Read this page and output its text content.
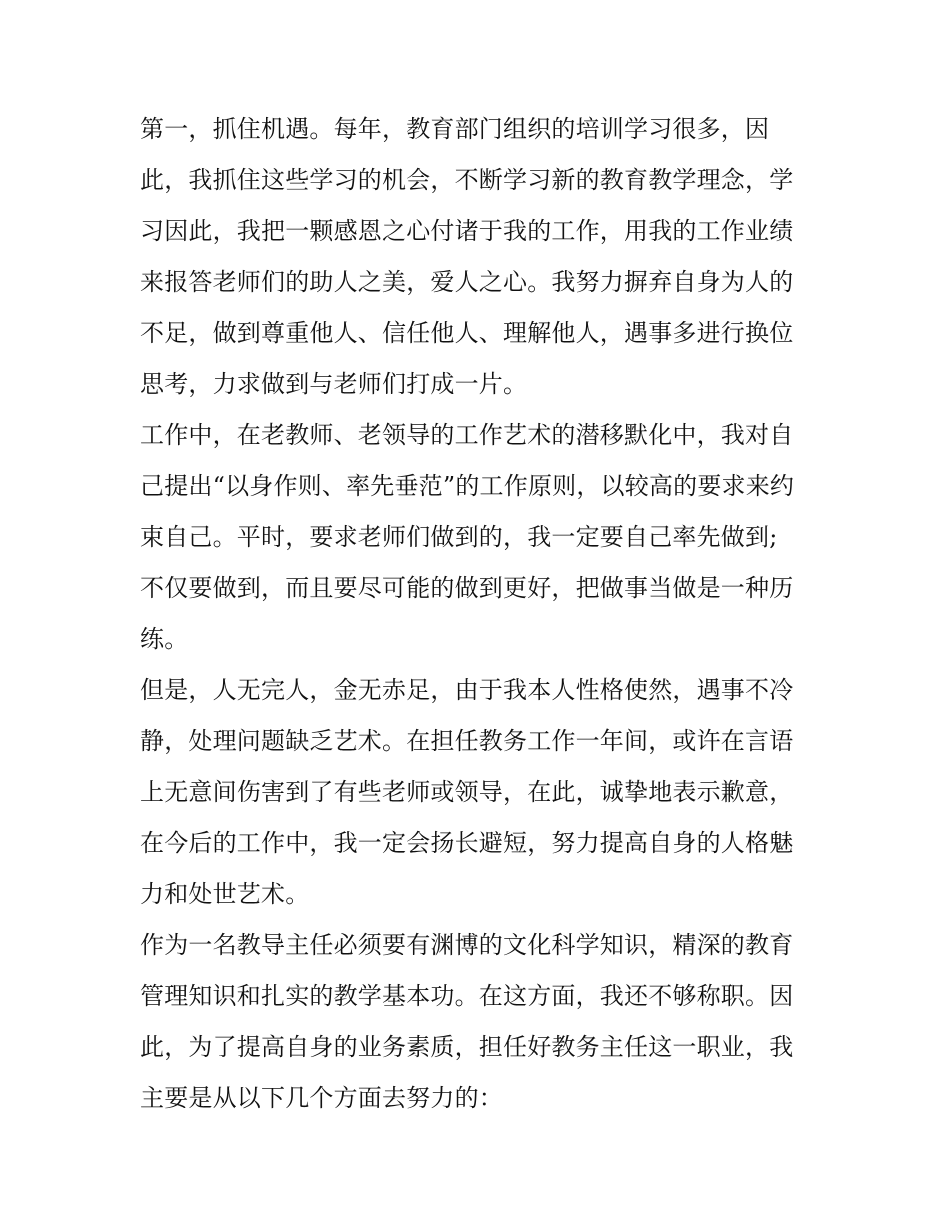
第一，抓住机遇。每年，教育部门组织的培训学习很多，因
此，我抓住这些学习的机会，不断学习新的教育教学理念，学
习因此，我把一颗感恩之心付诸于我的工作，用我的工作业绩
来报答老师们的助人之美，爱人之心。我努力摒弃自身为人的
不足，做到尊重他人、信任他人、理解他人，遇事多进行换位
思考，力求做到与老师们打成一片。
工作中，在老教师、老领导的工作艺术的潜移默化中，我对自
己提出“以身作则、率先垂范”的工作原则，以较高的要求来约
束自己。平时，要求老师们做到的，我一定要自己率先做到;
不仅要做到，而且要尽可能的做到更好，把做事当做是一种历
练。
但是，人无完人，金无赤足，由于我本人性格使然，遇事不冷
静，处理问题缺乏艺术。在担任教务工作一年间，或许在言语
上无意间伤害到了有些老师或领导，在此，诚挚地表示歉意，
在今后的工作中，我一定会扬长避短，努力提高自身的人格魅
力和处世艺术。
作为一名教导主任必须要有渊博的文化科学知识，精深的教育
管理知识和扎实的教学基本功。在这方面，我还不够称职。因
此，为了提高自身的业务素质，担任好教务主任这一职业，我
主要是从以下几个方面去努力的：
